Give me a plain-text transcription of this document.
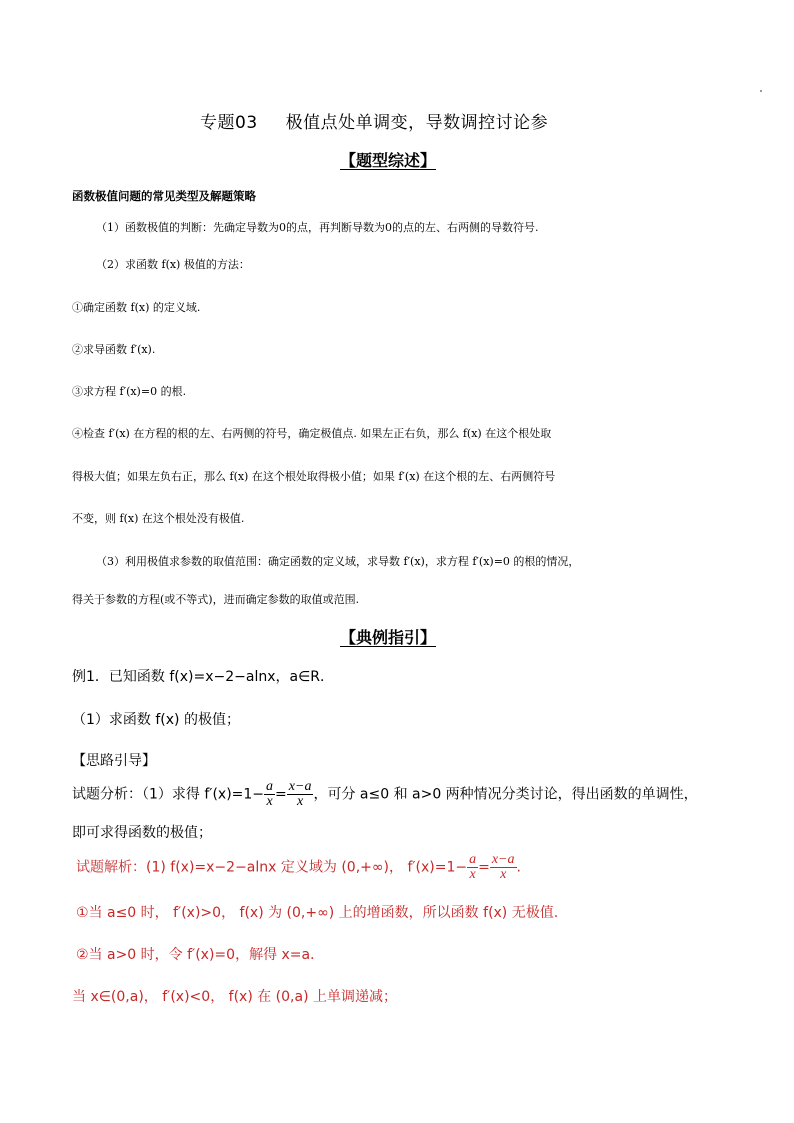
专题03 极值点处单调变，导数调控讨论参
【题型综述】
函数极值问题的常见类型及解题策略
（1）函数极值的判断：先确定导数为0的点，再判断导数为0的点的左、右两侧的导数符号.
（2）求函数 f(x) 极值的方法：
①确定函数 f(x) 的定义域.
②求导函数 f′(x).
③求方程 f′(x)=0 的根.
④检查 f′(x) 在方程的根的左、右两侧的符号，确定极值点. 如果左正右负，那么 f(x) 在这个根处取
得极大值；如果左负右正，那么 f(x) 在这个根处取得极小值；如果 f′(x) 在这个根的左、右两侧符号
不变，则 f(x) 在这个根处没有极值.
（3）利用极值求参数的取值范围：确定函数的定义域，求导数 f′(x)，求方程 f′(x)=0 的根的情况，
得关于参数的方程(或不等式)，进而确定参数的取值或范围.
【典例指引】
例1．已知函数 f(x)=x−2−alnx，a∈R．
（1）求函数 f(x) 的极值；
【思路引导】
试题分析：（1）求得 $f'(x)=1- \frac{a}{x} = \frac{x-a}{x}$ ，可分 a≤0 和 a>0 两种情况分类讨论，得出函数的单调性，
即可求得函数的极值；
试题解析：(1) f(x)=x−2−alnx 定义域为 (0,+∞)， $f'(x)=1- \frac{a}{x} = \frac{x-a}{x}$ .
①当 a≤0 时， f′(x)>0， f(x) 为 (0,+∞) 上的增函数，所以函数 f(x) 无极值.
②当 a>0 时，令 f′(x)=0，解得 x=a．
当 x∈(0,a)， f′(x)<0， f(x) 在 (0,a) 上单调递减；
